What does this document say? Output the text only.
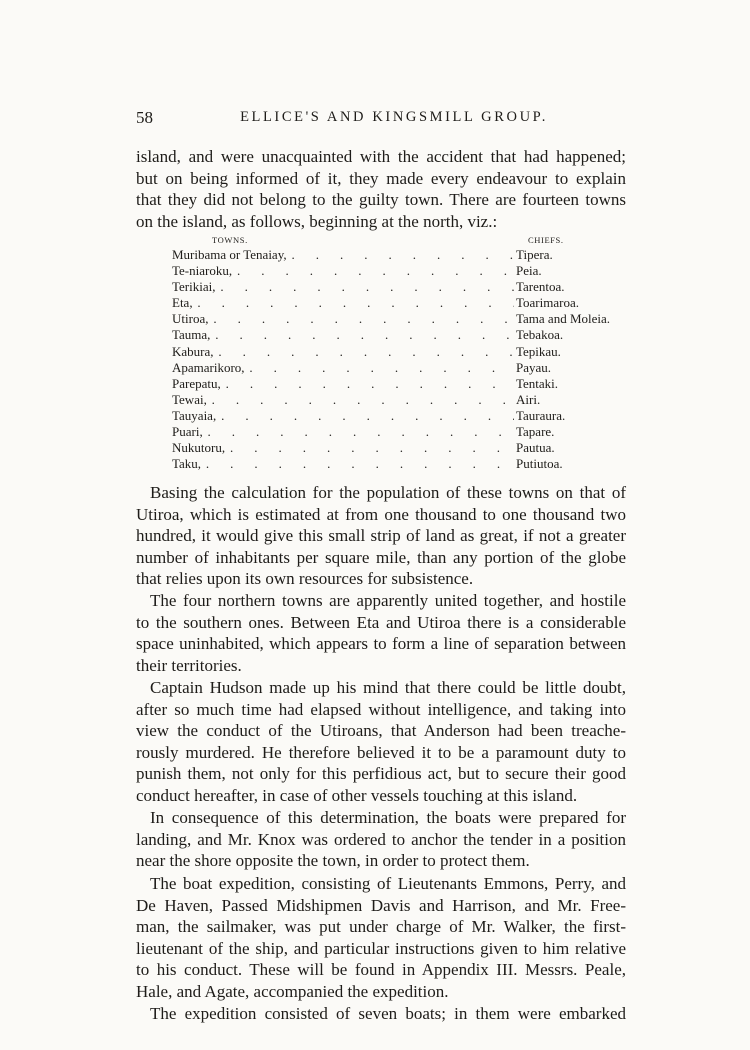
58	ELLICE'S AND KINGSMILL GROUP.

island, and were unacquainted with the accident that had happened;
but on being informed of it, they made every endeavour to explain
that they did not belong to the guilty town. There are fourteen towns
on the island, as follows, beginning at the north, viz.:

TOWNS.	CHIEFS.
Muribama or Tenaiay, .	Tipera.
Te-niaroku, .	Peia.
Terikiai, .	Tarentoa.
Eta, .	Toarimaroa.
Utiroa, .	Tama and Moleia.
Tauma, .	Tebakoa.
Kabura, .	Tepikau.
Apamarikoro, .	Payau.
Parepatu, .	Tentaki.
Tewai, .	Airi.
Tauyaia, .	Tauraura.
Puari, .	Tapare.
Nukutoru, .	Pautua.
Taku, .	Putiutoa.

Basing the calculation for the population of these towns on that of
Utiroa, which is estimated at from one thousand to one thousand two
hundred, it would give this small strip of land as great, if not a greater
number of inhabitants per square mile, than any portion of the globe
that relies upon its own resources for subsistence.

The four northern towns are apparently united together, and hostile
to the southern ones. Between Eta and Utiroa there is a considerable
space uninhabited, which appears to form a line of separation between
their territories.

Captain Hudson made up his mind that there could be little doubt,
after so much time had elapsed without intelligence, and taking into
view the conduct of the Utiroans, that Anderson had been treache-
rously murdered. He therefore believed it to be a paramount duty to
punish them, not only for this perfidious act, but to secure their good
conduct hereafter, in case of other vessels touching at this island.

In consequence of this determination, the boats were prepared for
landing, and Mr. Knox was ordered to anchor the tender in a position
near the shore opposite the town, in order to protect them.

The boat expedition, consisting of Lieutenants Emmons, Perry, and
De Haven, Passed Midshipmen Davis and Harrison, and Mr. Free-
man, the sailmaker, was put under charge of Mr. Walker, the first-
lieutenant of the ship, and particular instructions given to him relative
to his conduct. These will be found in Appendix III. Messrs. Peale,
Hale, and Agate, accompanied the expedition.

The expedition consisted of seven boats; in them were embarked
